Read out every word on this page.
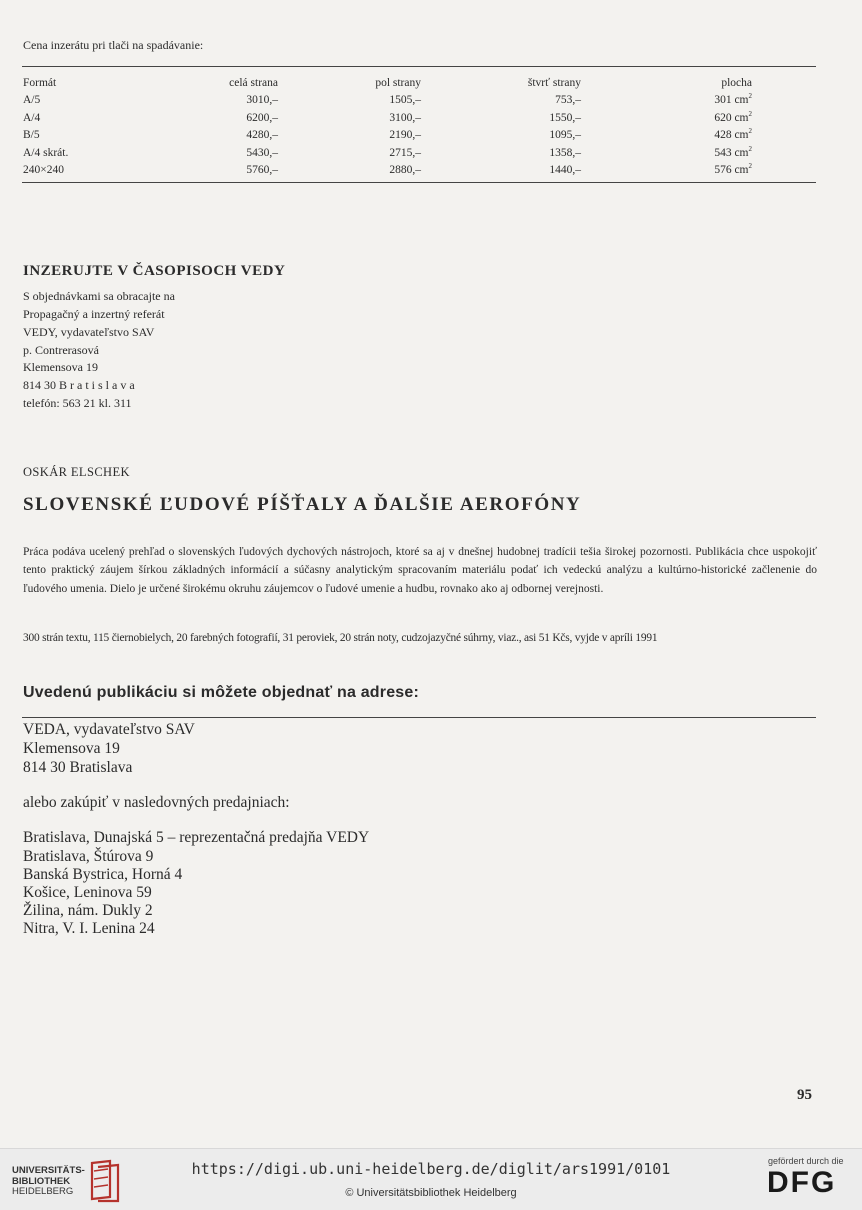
Cena inzerátu pri tlači na spadávanie:
Formát	celá strana	pol strany	štvrť strany	plocha
A/5	3010,–	1505,–	753,–	301 $cm^2$
A/4	6200,–	3100,–	1550,–	620 $cm^2$
B/5	4280,–	2190,–	1095,–	428 $cm^2$
A/4 skrát.	5430,–	2715,–	1358,–	543 $cm^2$
240×240	5760,–	2880,–	1440,–	576 $cm^2$
INZERUJTE V ČASOPISOCH VEDY
S objednávkami sa obracajte na
Propagačný a inzertný referát
VEDY, vydavateľstvo SAV
p. Contrerasová
Klemensova 19
814 30 B r a t i s l a v a
telefón: 563 21 kl. 311
OSKÁR ELSCHEK
SLOVENSKÉ ĽUDOVÉ PÍŠŤALY A ĎALŠIE AEROFÓNY
Práca podáva ucelený prehľad o slovenských ľudových dychových nástrojoch, ktoré sa aj v dnešnej hudobnej tradícii tešia širokej pozornosti. Publikácia chce uspokojiť tento praktický záujem šírkou základných informácií a súčasny analytickým spracovaním materiálu podať ich vedeckú analýzu a kultúrno-historické začlenenie do ľudového umenia. Dielo je určené širokému okruhu záujemcov o ľudové umenie a hudbu, rovnako ako aj odbornej verejnosti.
300 strán textu, 115 čiernobielych, 20 farebných fotografií, 31 peroviek, 20 strán noty, cudzojazyčné súhrny, viaz., asi 51 Kčs, vyjde v apríli 1991
Uvedenú publikáciu si môžete objednať na adrese:
VEDA, vydavateľstvo SAV
Klemensova 19
814 30 Bratislava
alebo zakúpiť v nasledovných predajniach:
Bratislava, Dunajská 5 – reprezentačná predajňa VEDY
Bratislava, Štúrova 9
Banská Bystrica, Horná 4
Košice, Leninova 59
Žilina, nám. Dukly 2
Nitra, V. I. Lenina 24
95
UNIVERSITÄTS-
BIBLIOTHEK
HEIDELBERG
https://digi.ub.uni-heidelberg.de/diglit/ars1991/0101
© Universitätsbibliothek Heidelberg
gefördert durch die
DFG
